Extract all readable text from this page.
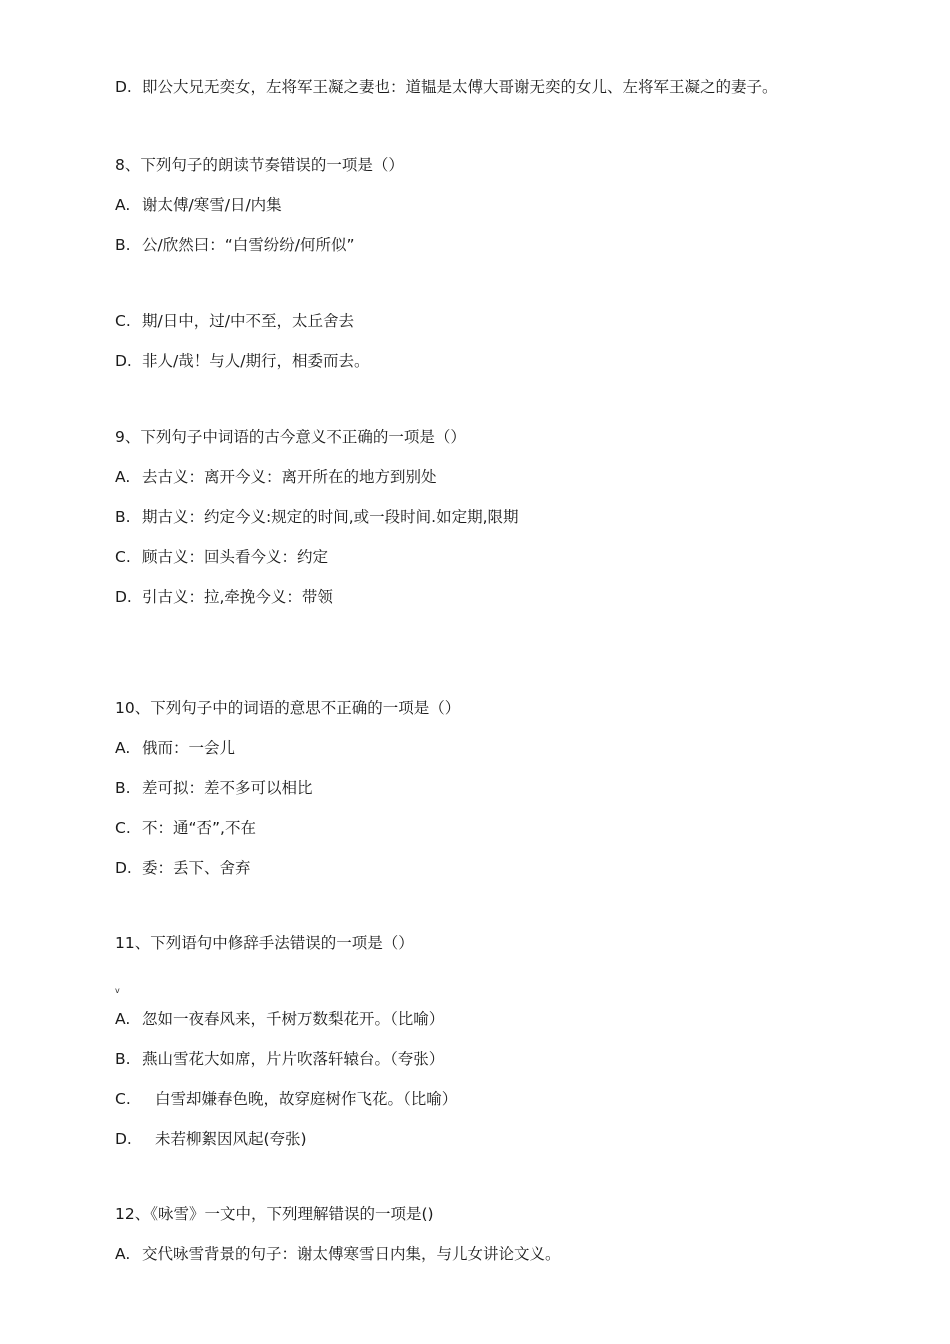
D. 即公大兄无奕女，左将军王凝之妻也：道韫是太傅大哥谢无奕的女儿、左将军王凝之的妻子。
8、下列句子的朗读节奏错误的一项是（）
A. 谢太傅/寒雪/日/内集
B. 公/欣然曰：“白雪纷纷/何所似”
C. 期/日中，过/中不至，太丘舍去
D. 非人/哉！与人/期行，相委而去。
9、下列句子中词语的古今意义不正确的一项是（）
A. 去古义：离开今义：离开所在的地方到别处
B. 期古义：约定今义:规定的时间,或一段时间.如定期,限期
C. 顾古义：回头看今义：约定
D. 引古义：拉,牵挽今义：带领
10、下列句子中的词语的意思不正确的一项是（）
A. 俄而：一会儿
B. 差可拟：差不多可以相比
C. 不：通“否”,不在
D. 委：丢下、舍弃
11、下列语句中修辞手法错误的一项是（）
v
A. 忽如一夜春风来，千树万数梨花开。（比喻）
B. 燕山雪花大如席，片片吹落轩辕台。（夸张）
C. 白雪却嫌春色晚，故穿庭树作飞花。（比喻）
D. 未若柳絮因风起(夸张)
12、《咏雪》一文中，下列理解错误的一项是()
A. 交代咏雪背景的句子：谢太傅寒雪日内集，与儿女讲论文义。
